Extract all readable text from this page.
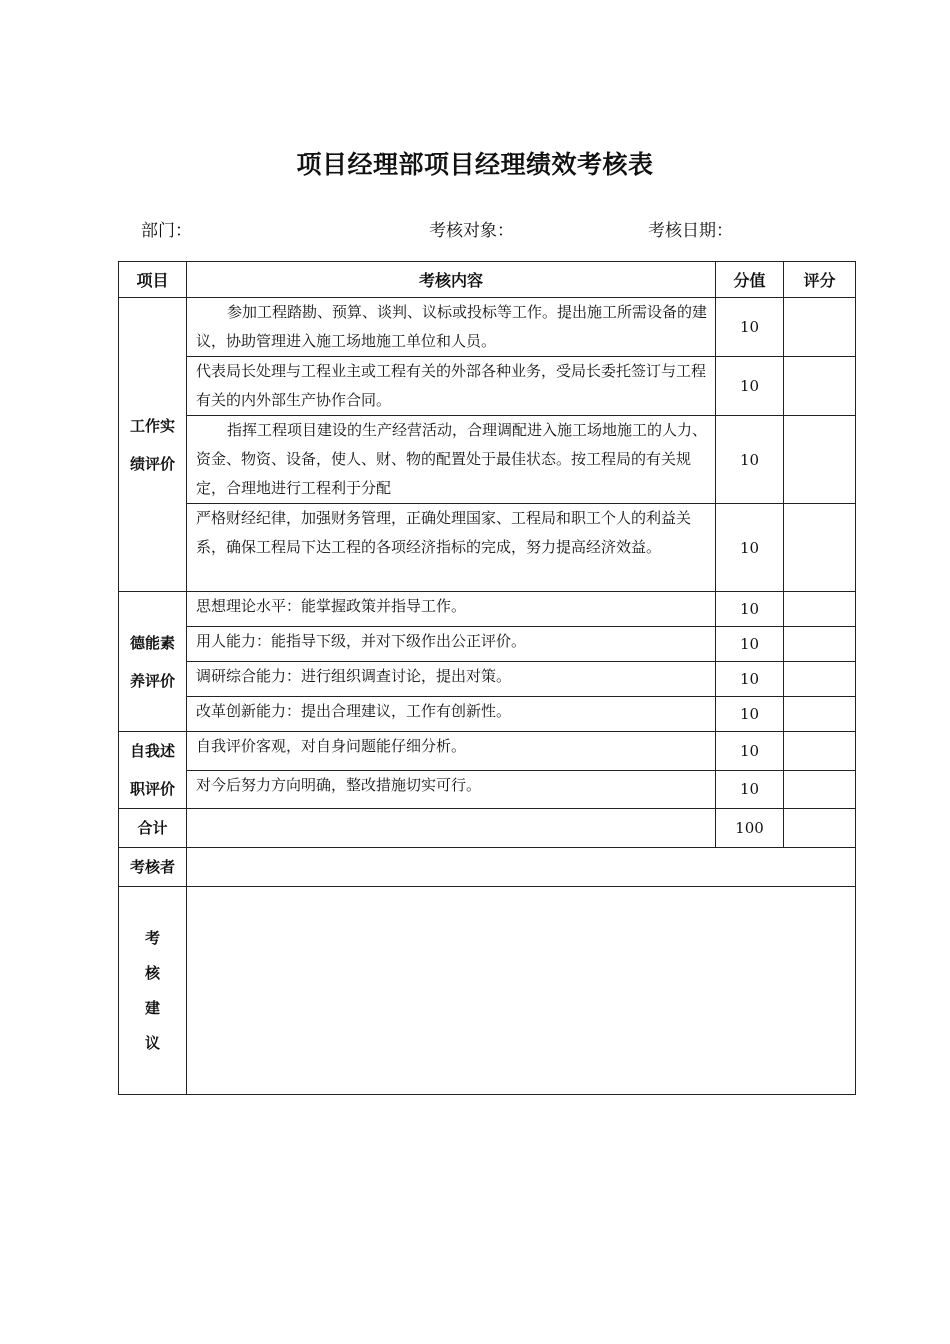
项目经理部项目经理绩效考核表
部门：	考核对象：	考核日期：
项目	考核内容	分值	评分

工作实
绩评价	参加工程踏勘、预算、谈判、议标或投标等工作。提出施工所需设备的建议，协助管理进入施工场地施工单位和人员。	10	
	代表局长处理与工程业主或工程有关的外部各种业务，受局长委托签订与工程有关的内外部生产协作合同。	10	
	指挥工程项目建设的生产经营活动，合理调配进入施工场地施工的人力、资金、物资、设备，使人、财、物的配置处于最佳状态。按工程局的有关规定，合理地进行工程利于分配	10	
	严格财经纪律，加强财务管理，正确处理国家、工程局和职工个人的利益关系，确保工程局下达工程的各项经济指标的完成，努力提高经济效益。	10	

德能素
养评价	思想理论水平：能掌握政策并指导工作。	10	
	用人能力：能指导下级，并对下级作出公正评价。	10	
	调研综合能力：进行组织调查讨论，提出对策。	10	
	改革创新能力：提出合理建议，工作有创新性。	10	

自我述
职评价	自我评价客观，对自身问题能仔细分析。	10	
	对今后努力方向明确，整改措施切实可行。	10	
合计		100	
考核者			

考
核
建
议			
